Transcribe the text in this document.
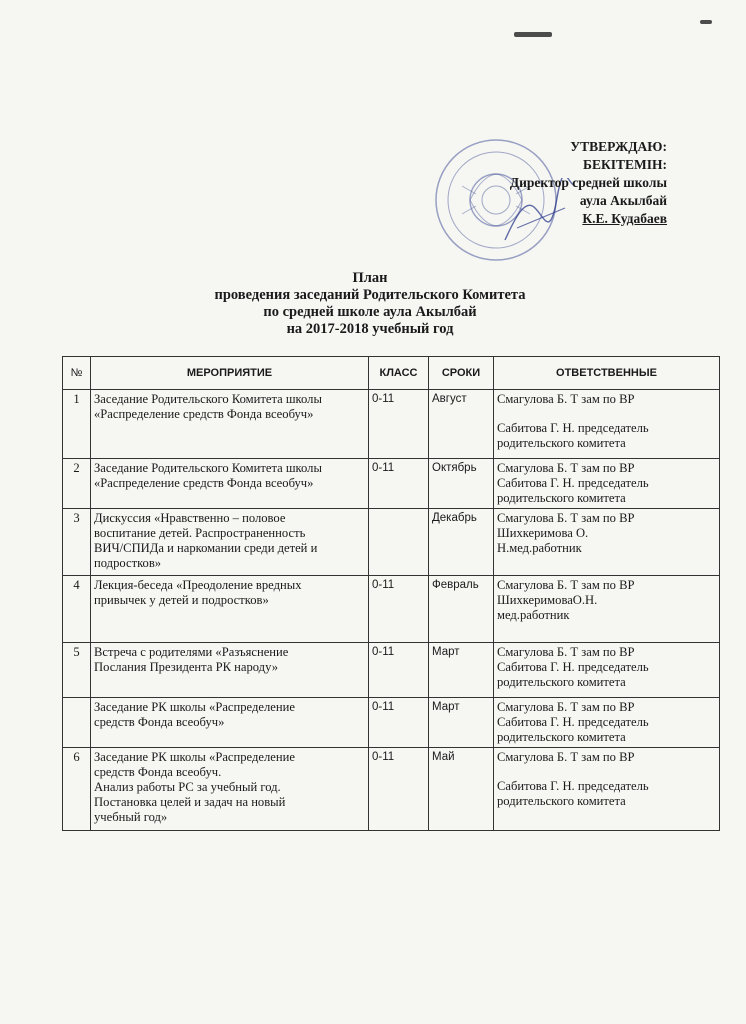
УТВЕРЖДАЮ:
БЕКІТЕМІН:
Директор средней школы
аула Акылбай
К.Е. Кудабаев
План
проведения заседаний Родительского Комитета
по средней школе аула Акылбай
на 2017-2018 учебный год
№	МЕРОПРИЯТИЕ	КЛАСС	СРОКИ	ОТВЕТСТВЕННЫЕ
1	Заседание Родительского Комитета школы
«Распределение средств Фонда всеобуч»	0-11	Август	Смагулова Б. Т зам по ВР
Сабитова Г. Н. председатель
родительского комитета

2	Заседание Родительского Комитета школы
«Распределение средств Фонда всеобуч»	0-11	Октябрь	Смагулова Б. Т зам по ВР
Сабитова Г. Н. председатель
родительского комитета

3	Дискуссия «Нравственно – половое
воспитание детей. Распространенность
ВИЧ/СПИДа и наркомании среди детей и
подростков»		Декабрь	Смагулова Б. Т зам по ВР
Шихкеримова О.
Н.мед.работник

4	Лекция-беседа «Преодоление вредных
привычек у детей и подростков»	0-11	Февраль	Смагулова Б. Т зам по ВР
ШихкеримоваО.Н.
мед.работник

5	Встреча с родителями «Разъяснение
Послания Президента РК народу»	0-11	Март	Смагулова Б. Т зам по ВР
Сабитова Г. Н. председатель
родительского комитета

	Заседание РК школы «Распределение
средств Фонда всеобуч»	0-11	Март	Смагулова Б. Т зам по ВР
Сабитова Г. Н. председатель
родительского комитета

6	Заседание РК школы «Распределение
средств Фонда всеобуч.
Анализ работы РС за учебный год.
Постановка целей и задач на новый
учебный год»	0-11	Май	Смагулова Б. Т зам по ВР
Сабитова Г. Н. председатель
родительского комитета
